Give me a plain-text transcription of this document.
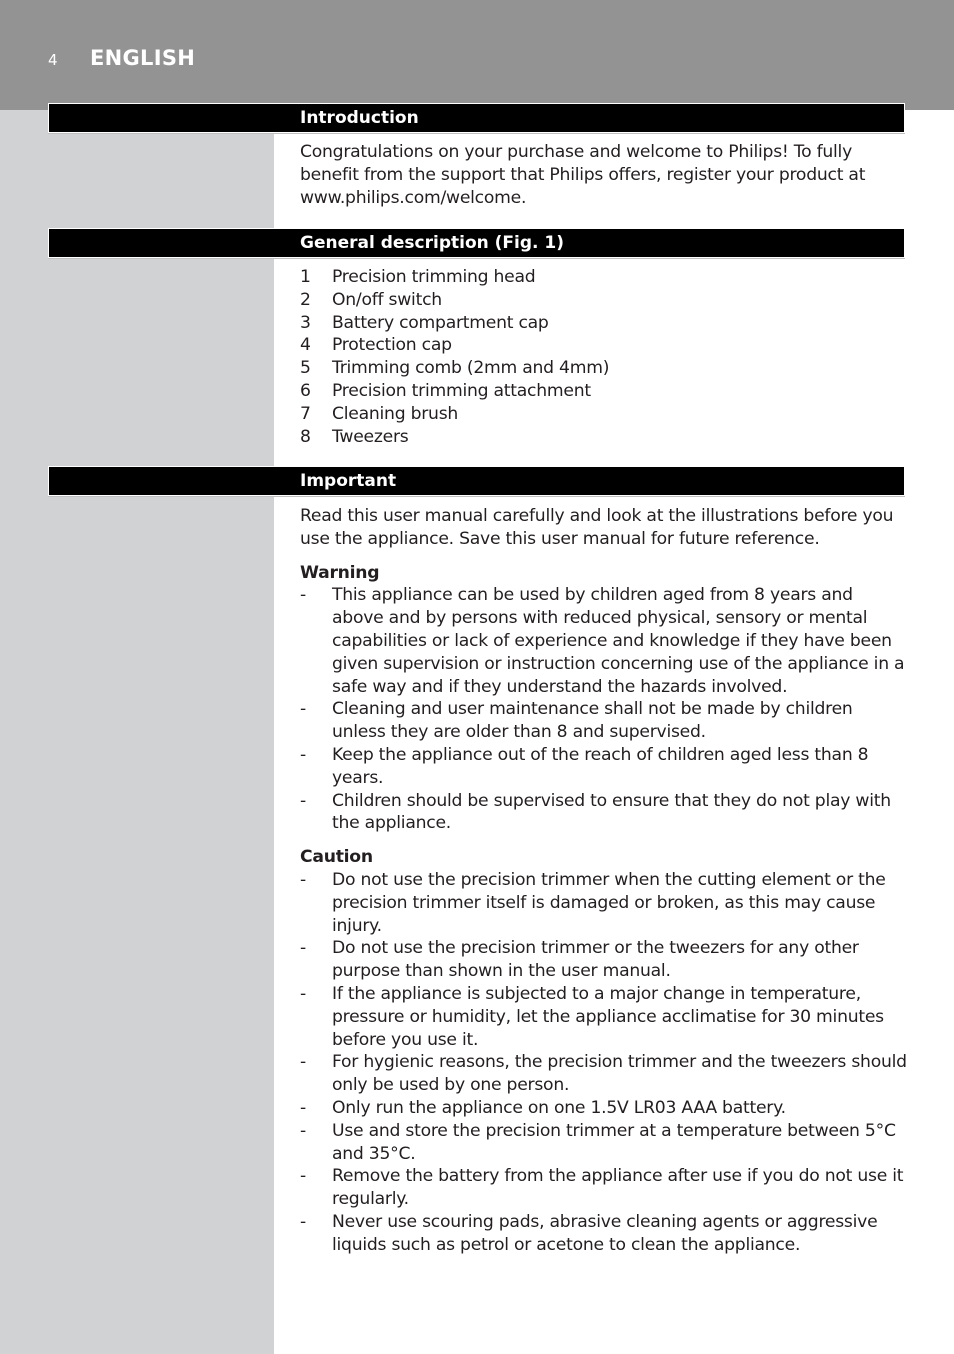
4 ENGLISH
Introduction

Congratulations on your purchase and welcome to Philips! To fully benefit from the support that Philips offers, register your product at www.philips.com/welcome.

General description (Fig. 1)
1 Precision trimming head
2 On/off switch
3 Battery compartment cap
4 Protection cap
5 Trimming comb (2mm and 4mm)
6 Precision trimming attachment
7 Cleaning brush
8 Tweezers
Important

Read this user manual carefully and look at the illustrations before you use the appliance. Save this user manual for future reference.

Warning

- This appliance can be used by children aged from 8 years and above and by persons with reduced physical, sensory or mental capabilities or lack of experience and knowledge if they have been given supervision or instruction concerning use of the appliance in a safe way and if they understand the hazards involved.
- Cleaning and user maintenance shall not be made by children unless they are older than 8 and supervised.
- Keep the appliance out of the reach of children aged less than 8 years.
- Children should be supervised to ensure that they do not play with the appliance.

Caution

- Do not use the precision trimmer when the cutting element or the precision trimmer itself is damaged or broken, as this may cause injury.
- Do not use the precision trimmer or the tweezers for any other purpose than shown in the user manual.
- If the appliance is subjected to a major change in temperature, pressure or humidity, let the appliance acclimatise for 30 minutes before you use it.
- For hygienic reasons, the precision trimmer and the tweezers should only be used by one person.
- Only run the appliance on one 1.5V LR03 AAA battery.
- Use and store the precision trimmer at a temperature between 5°C and 35°C.
- Remove the battery from the appliance after use if you do not use it regularly.
- Never use scouring pads, abrasive cleaning agents or aggressive liquids such as petrol or acetone to clean the appliance.
